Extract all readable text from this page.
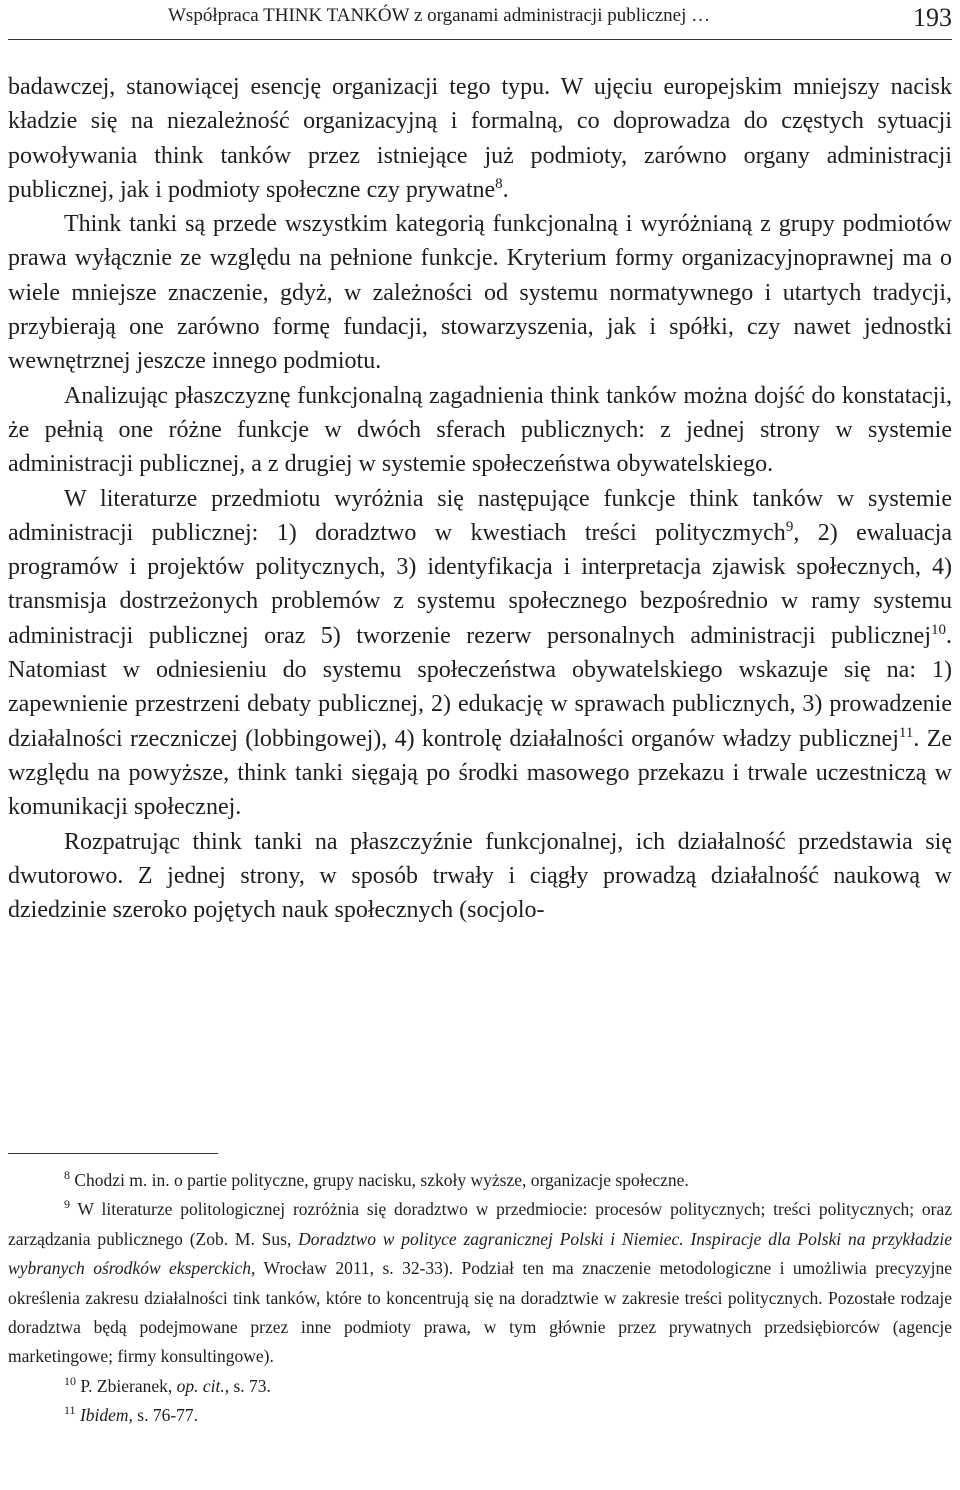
Współpraca THINK TANKÓW z organami administracji publicznej …	193

badawczej, stanowiącej esencję organizacji tego typu. W ujęciu europejskim mniejszy nacisk kładzie się na niezależność organizacyjną i formalną, co doprowadza do częstych sytuacji powoływania think tanków przez istniejące już podmioty, zarówno organy administracji publicznej, jak i podmioty społeczne czy prywatne$^8$.

Think tanki są przede wszystkim kategorią funkcjonalną i wyróżnianą z grupy podmiotów prawa wyłącznie ze względu na pełnione funkcje. Kryterium formy organizacyjnoprawnej ma o wiele mniejsze znaczenie, gdyż, w zależności od systemu normatywnego i utartych tradycji, przybierają one zarówno formę fundacji, stowarzyszenia, jak i spółki, czy nawet jednostki wewnętrznej jeszcze innego podmiotu.

Analizując płaszczyznę funkcjonalną zagadnienia think tanków można dojść do konstatacji, że pełnią one różne funkcje w dwóch sferach publicznych: z jednej strony w systemie administracji publicznej, a z drugiej w systemie społeczeństwa obywatelskiego.

W literaturze przedmiotu wyróżnia się następujące funkcje think tanków w systemie administracji publicznej: 1) doradztwo w kwestiach treści polityczmych$^9$, 2) ewaluacja programów i projektów politycznych, 3) identyfikacja i interpretacja zjawisk społecznych, 4) transmisja dostrzeżonych problemów z systemu społecznego bezpośrednio w ramy systemu administracji publicznej oraz 5) tworzenie rezerw personalnych administracji publicznej$^{10}$. Natomiast w odniesieniu do systemu społeczeństwa obywatelskiego wskazuje się na: 1) zapewnienie przestrzeni debaty publicznej, 2) edukację w sprawach publicznych, 3) prowadzenie działalności rzeczniczej (lobbingowej), 4) kontrolę działalności organów władzy publicznej$^{11}$. Ze względu na powyższe, think tanki sięgają po środki masowego przekazu i trwale uczestniczą w komunikacji społecznej.

Rozpatrując think tanki na płaszczyźnie funkcjonalnej, ich działalność przedstawia się dwutorowo. Z jednej strony, w sposób trwały i ciągły prowadzą działalność naukową w dziedzinie szeroko pojętych nauk społecznych (socjolo-

$^8$ Chodzi m. in. o partie polityczne, grupy nacisku, szkoły wyższe, organizacje społeczne.

$^9$ W literaturze politologicznej rozróżnia się doradztwo w przedmiocie: procesów politycznych; treści politycznych; oraz zarządzania publicznego (Zob. M. Sus, Doradztwo w polityce zagranicznej Polski i Niemiec. Inspiracje dla Polski na przykładzie wybranych ośrodków eksperckich, Wrocław 2011, s. 32-33). Podział ten ma znaczenie metodologiczne i umożliwia precyzyjne określenia zakresu działalności tink tanków, które to koncentrują się na doradztwie w zakresie treści politycznych. Pozostałe rodzaje doradztwa będą podejmowane przez inne podmioty prawa, w tym głównie przez prywatnych przedsiębiorców (agencje marketingowe; firmy konsultingowe).

$^{10}$ P. Zbieranek, op. cit., s. 73.

$^{11}$ Ibidem, s. 76-77.
